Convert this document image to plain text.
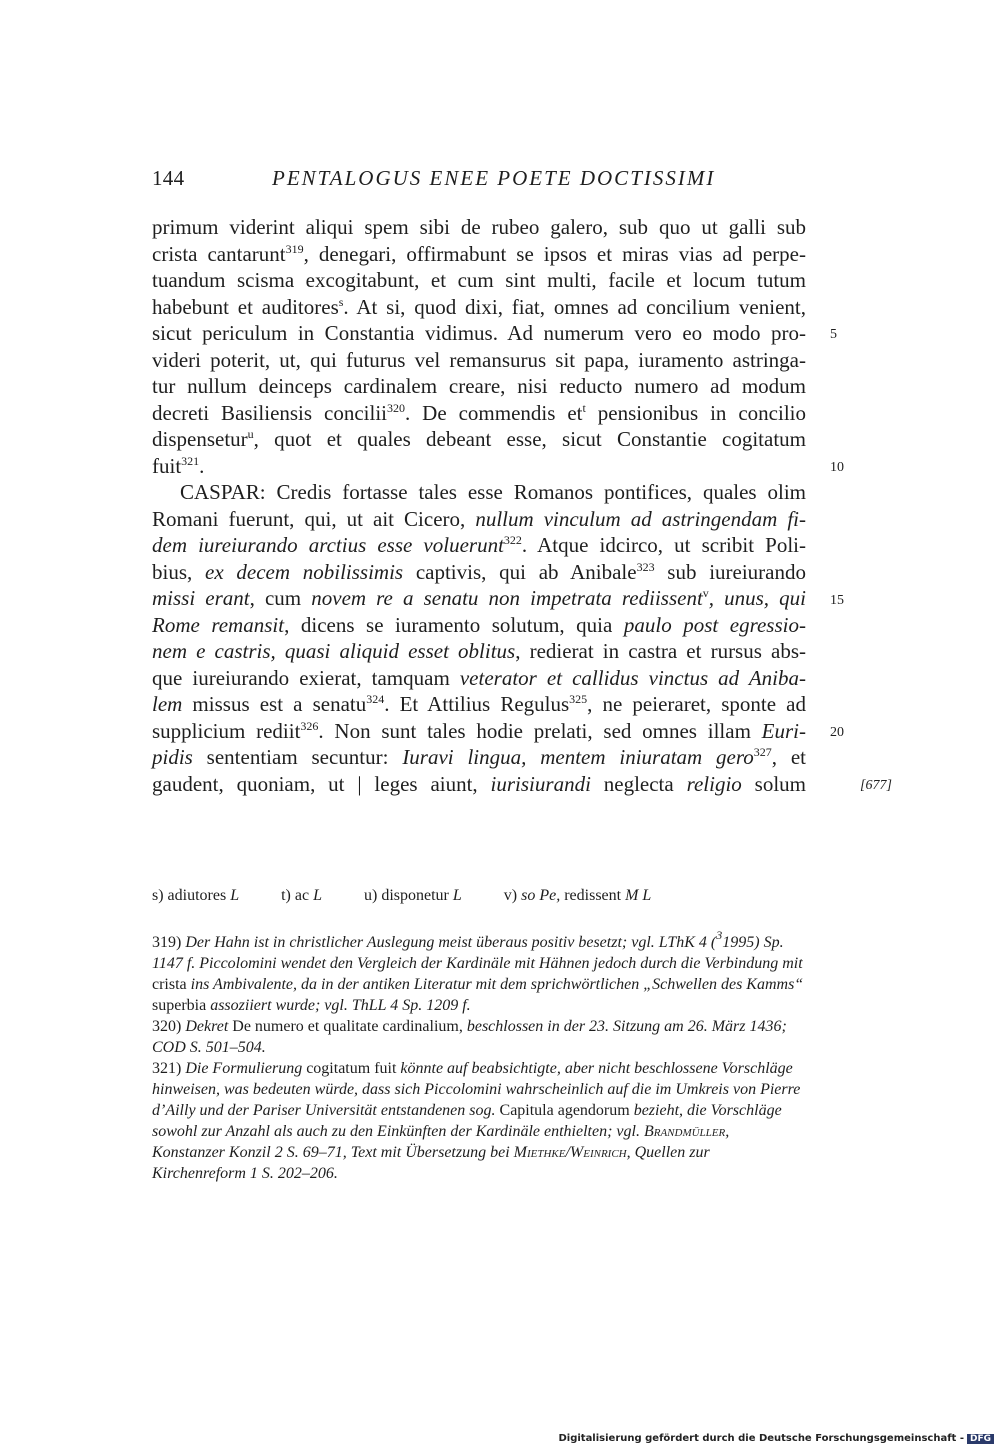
144	PENTALOGUS ENEE POETE DOCTISSIMI
primum viderint aliqui spem sibi de rubeo galero, sub quo ut galli sub
crista cantarunt$^{319}$, denegari, offirmabunt se ipsos et miras vias ad perpe-
tuandum scisma excogitabunt, et cum sint multi, facile et locum tutum
habebunt et auditores$^s$. At si, quod dixi, fiat, omnes ad concilium venient,
sicut periculum in Constantia vidimus. Ad numerum vero eo modo pro-
videri poterit, ut, qui futurus vel remansurus sit papa, iuramento astringa-
tur nullum deinceps cardinalem creare, nisi reducto numero ad modum
decreti Basiliensis concilii$^{320}$. De commendis $et^t$ pensionibus in concilio
dispensetur$^u$, quot et quales debeant esse, sicut Constantie cogitatum
fuit$^{321}$.
CASPAR: Credis fortasse tales esse Romanos pontifices, quales olim
Romani fuerunt, qui, ut ait Cicero, nullum vinculum ad astringendam fi-
dem iureiurando arctius esse voluerunt$^{322}$. Atque idcirco, ut scribit Poli-
bius, ex decem nobilissimis captivis, qui ab Anibale$^{323}$ sub iureiurando
missi erant, cum novem re a senatu non impetrata rediissent$^v$, unus, qui
Rome remansit, dicens se iuramento solutum, quia paulo post egressio-
nem e castris, quasi aliquid esset oblitus, redierat in castra et rursus abs-
que iureiurando exierat, tamquam veterator et callidus vinctus ad Aniba-
lem missus est a senatu$^{324}$. Et Attilius Regulus$^{325}$, ne peieraret, sponte ad
supplicium rediit$^{326}$. Non sunt tales hodie prelati, sed omnes illam Euri-
pidis sententiam secuntur: Iuravi lingua, mentem iniuratam gero$^{327}$, et
gaudent, quoniam, ut | leges aiunt, iurisiurandi neglecta religio solum
5
10
15
20
[677]
s) adiutores L	t) ac L	u) disponetur L	v) so Pe, redissent M L
319) Der Hahn ist in christlicher Auslegung meist überaus positiv besetzt; vgl. LThK 4 ($^3$1995) Sp. 1147 f. Piccolomini wendet den Vergleich der Kardinäle mit Hähnen jedoch durch die Verbindung mit crista ins Ambivalente, da in der antiken Literatur mit dem sprichwörtlichen „Schwellen des Kamms“ superbia assoziiert wurde; vgl. ThLL 4 Sp. 1209 f.
320) Dekret De numero et qualitate cardinalium, beschlossen in der 23. Sitzung am 26. März 1436; COD S. 501–504.
321) Die Formulierung cogitatum fuit könnte auf beabsichtigte, aber nicht beschlossene Vorschläge hinweisen, was bedeuten würde, dass sich Piccolomini wahrscheinlich auf die im Umkreis von Pierre d’Ailly und der Pariser Universität entstandenen sog. Capitula agendorum bezieht, die Vorschläge sowohl zur Anzahl als auch zu den Einkünften der Kardinäle enthielten; vgl. Brandmüller, Konstanzer Konzil 2 S. 69–71, Text mit Übersetzung bei Miethke/Weinrich, Quellen zur Kirchenreform 1 S. 202–206.
Digitalisierung gefördert durch die Deutsche Forschungsgemeinschaft - DFG
